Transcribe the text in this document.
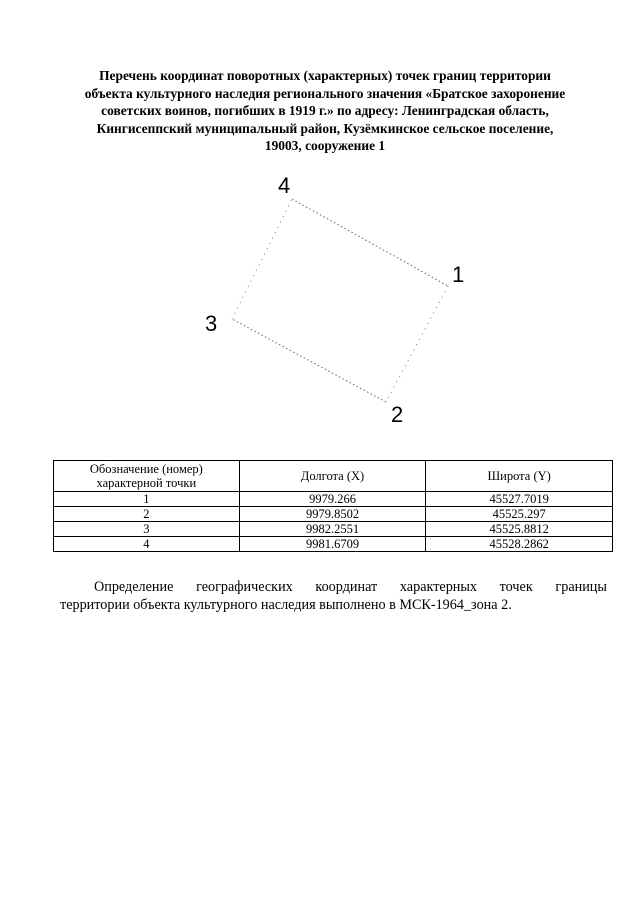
Перечень координат поворотных (характерных) точек границ территории
объекта культурного наследия регионального значения «Братское захоронение
советских воинов, погибших в 1919 г.» по адресу: Ленинградская область,
Кингисеппский муниципальный район, Кузёмкинское сельское поселение,
19003, сооружение 1
1
2
3
4
Обозначение (номер) характерной точки	Долгота (X)	Широта (Y)
1	9979.266	45527.7019
2	9979.8502	45525.297
3	9982.2551	45525.8812
4	9981.6709	45528.2862
Определение географических координат характерных точек границы
территории объекта культурного наследия выполнено в МСК-1964_зона 2.
